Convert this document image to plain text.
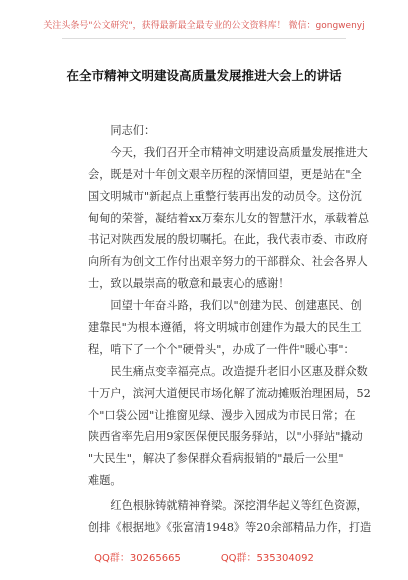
关注头条号"公文研究"，获得最新最全最专业的公文资料库！ 微信：gongwenyj
在全市精神文明建设高质量发展推进大会上的讲话
同志们：
今天，我们召开全市精神文明建设高质量发展推进大
会，既是对十年创文艰辛历程的深情回望，更是站在"全
国文明城市"新起点上重整行装再出发的动员令。这份沉
甸甸的荣誉，凝结着xx万秦东儿女的智慧汗水，承载着总
书记对陕西发展的殷切嘱托。在此，我代表市委、市政府
向所有为创文工作付出艰辛努力的干部群众、社会各界人
士，致以最崇高的敬意和最衷心的感谢！
回望十年奋斗路，我们以"创建为民、创建惠民、创
建靠民"为根本遵循，将文明城市创建作为最大的民生工
程，啃下了一个个"硬骨头"，办成了一件件"暖心事"：
民生痛点变幸福亮点。改造提升老旧小区惠及群众数
十万户，滨河大道便民市场化解了流动摊贩治理困局，52
个"口袋公园"让推窗见绿、漫步入园成为市民日常；在
陕西省率先启用9家医保便民服务驿站，以"小驿站"撬动
"大民生"，解决了参保群众看病报销的"最后一公里"
难题。
红色根脉铸就精神脊梁。深挖渭华起义等红色资源，
创排《根据地》《张富清1948》等20余部精品力作，打造
QQ群：30265665	QQ群：535304092
